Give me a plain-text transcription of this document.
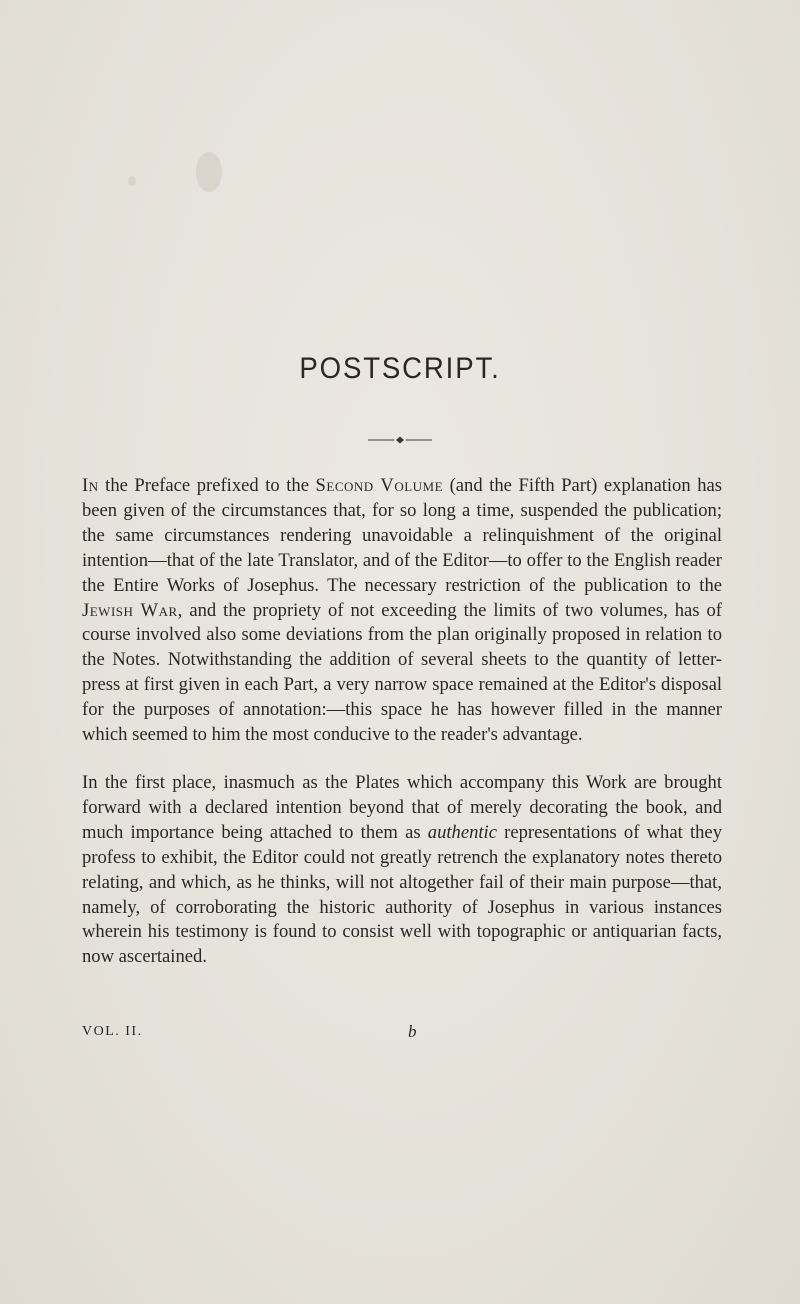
POSTSCRIPT.

In the Preface prefixed to the Second Volume (and the Fifth Part) explanation has been given of the circumstances that, for so long a time, suspended the publication; the same circumstances rendering unavoidable a relinquishment of the original intention—that of the late Translator, and of the Editor—to offer to the English reader the Entire Works of Josephus. The necessary restriction of the publication to the Jewish War, and the propriety of not exceeding the limits of two volumes, has of course involved also some deviations from the plan originally proposed in relation to the Notes. Notwithstanding the addition of several sheets to the quantity of letter-press at first given in each Part, a very narrow space remained at the Editor's disposal for the purposes of annotation:—this space he has however filled in the manner which seemed to him the most conducive to the reader's advantage.

In the first place, inasmuch as the Plates which accompany this Work are brought forward with a declared intention beyond that of merely decorating the book, and much importance being attached to them as authentic representations of what they profess to exhibit, the Editor could not greatly retrench the explanatory notes thereto relating, and which, as he thinks, will not altogether fail of their main purpose—that, namely, of corroborating the historic authority of Josephus in various instances wherein his testimony is found to consist well with topographic or antiquarian facts, now ascertained.

VOL. II.	b
